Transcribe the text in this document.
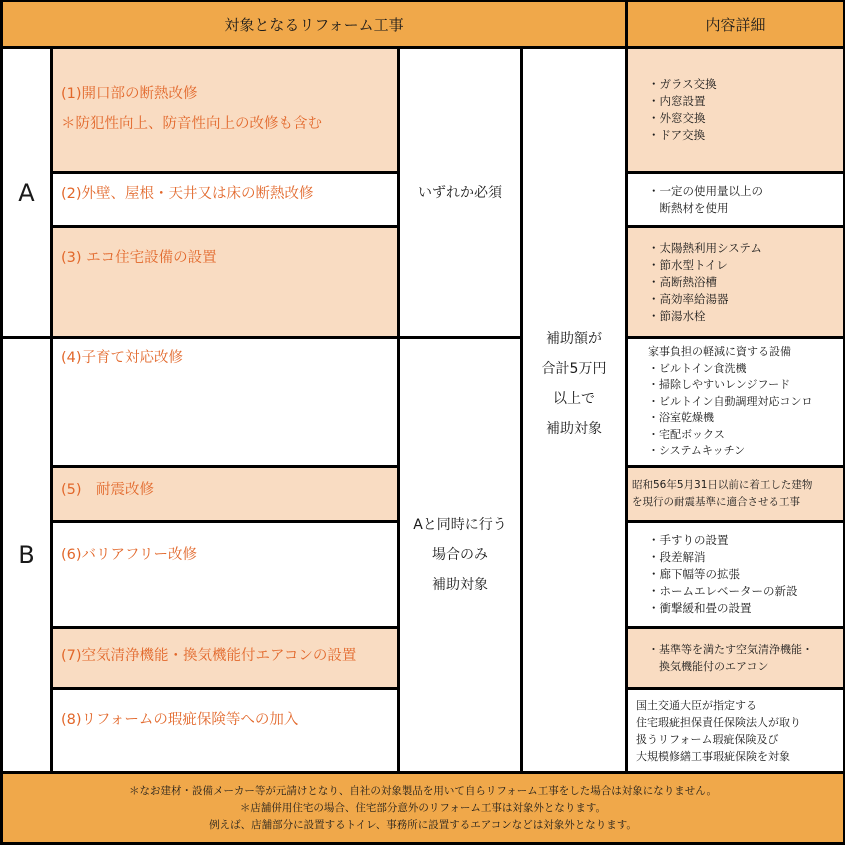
対象となるリフォーム工事	内容詳細
A
B
(1)開口部の断熱改修
＊防犯性向上、防音性向上の改修も含む
(2)外壁、屋根・天井又は床の断熱改修
(3) エコ住宅設備の設置
(4)子育て対応改修
(5)　耐震改修
(6)バリアフリー改修
(7)空気清浄機能・換気機能付エアコンの設置
(8)リフォームの瑕疵保険等への加入
いずれか必須
Aと同時に行う
場合のみ
補助対象
補助額が
合計5万円
以上で
補助対象
・ガラス交換
・内窓設置
・外窓交換
・ドア交換
・一定の使用量以上の
　断熱材を使用
・太陽熱利用システム
・節水型トイレ
・高断熱浴槽
・高効率給湯器
・節湯水栓
家事負担の軽減に資する設備
・ビルトイン食洗機
・掃除しやすいレンジフード
・ビルトイン自動調理対応コンロ
・浴室乾燥機
・宅配ボックス
・システムキッチン
昭和56年5月31日以前に着工した建物
を現行の耐震基準に適合させる工事
・手すりの設置
・段差解消
・廊下幅等の拡張
・ホームエレベーターの新設
・衝撃緩和畳の設置
・基準等を満たす空気清浄機能・
　換気機能付のエアコン
国土交通大臣が指定する
住宅瑕疵担保責任保険法人が取り
扱うリフォーム瑕疵保険及び
大規模修繕工事瑕疵保険を対象
＊なお建材・設備メーカー等が元請けとなり、自社の対象製品を用いて自らリフォーム工事をした場合は対象になりません。
＊店舗併用住宅の場合、住宅部分意外のリフォーム工事は対象外となります。
例えば、店舗部分に設置するトイレ、事務所に設置するエアコンなどは対象外となります。
